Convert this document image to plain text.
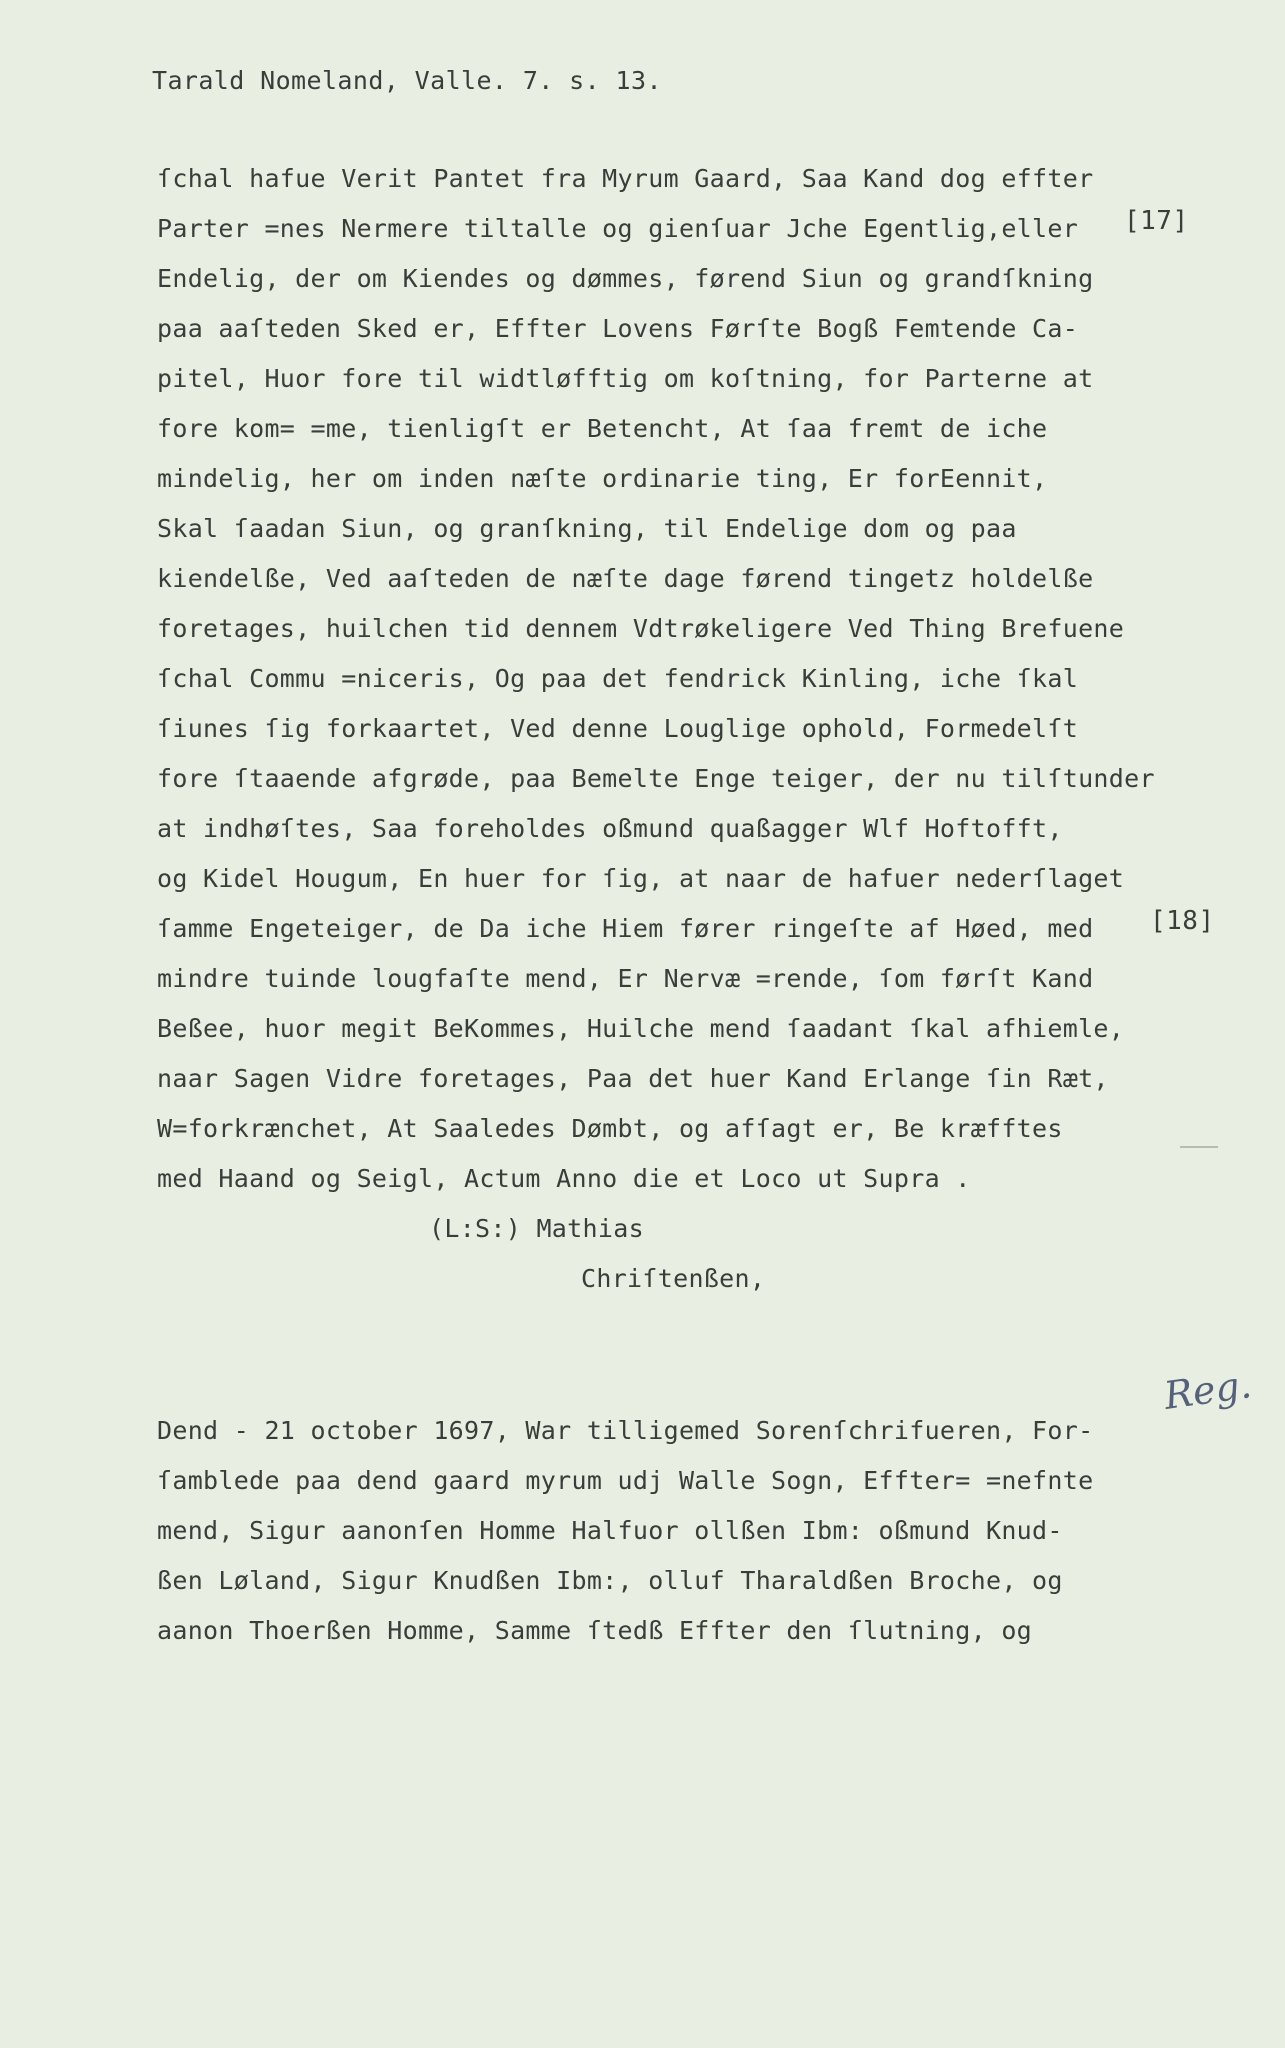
Tarald Nomeland, Valle. 7. s. 13.
[17]
[18]
Reg.
ſchal hafue Verit Pantet fra Myrum Gaard, Saa Kand dog effter
Parter =nes Nermere tiltalle og gienſuar Jche Egentlig,eller
Endelig, der om Kiendes og dømmes, førend Siun og grandſkning
paa aaſteden Sked er, Effter Lovens Førſte Bogß Femtende Ca-
pitel, Huor fore til widtløfftig om koſtning, for Parterne at
fore kom= =me, tienligſt er Betencht, At ſaa fremt de iche
mindelig, her om inden næſte ordinarie ting, Er forEennit,
Skal ſaadan Siun, og granſkning, til Endelige dom og paa
kiendelße, Ved aaſteden de næſte dage førend tingetz holdelße
foretages, huilchen tid dennem Vdtrøkeligere Ved Thing Brefuene
ſchal Commu =niceris, Og paa det fendrick Kinling, iche ſkal
ſiunes ſig forkaartet, Ved denne Louglige ophold, Formedelſt
fore ſtaaende afgrøde, paa Bemelte Enge teiger, der nu tilſtunder
at indhøſtes, Saa foreholdes oßmund quaßagger Wlf Hoftofft,
og Kidel Hougum, En huer for ſig, at naar de hafuer nederſlaget
ſamme Engeteiger, de Da iche Hiem fører ringeſte af Høed, med
mindre tuinde lougfaſte mend, Er Nervæ =rende, ſom førſt Kand
Beßee, huor megit BeKommes, Huilche mend ſaadant ſkal afhiemle,
naar Sagen Vidre foretages, Paa det huer Kand Erlange ſin Ræt,
W=forkrænchet, At Saaledes Dømbt, og afſagt er, Be kræfftes
med Haand og Seigl, Actum Anno die et Loco ut Supra .
(L:S:) Mathias
Chriſtenßen,
Dend - 21 october 1697, War tilligemed Sorenſchrifueren, For-
ſamblede paa dend gaard myrum udj Walle Sogn, Effter= =nefnte
mend, Sigur aanonſen Homme Halfuor ollßen Ibm: oßmund Knud-
ßen Løland, Sigur Knudßen Ibm:, olluf Tharaldßen Broche, og
aanon Thoerßen Homme, Samme ſtedß Effter den ſlutning, og
